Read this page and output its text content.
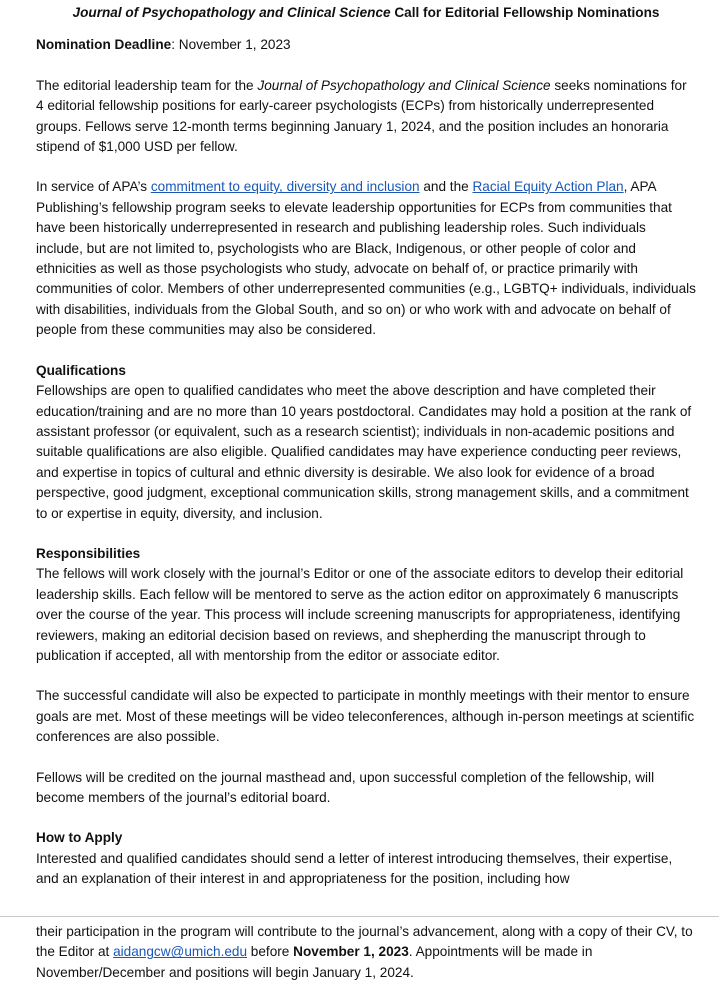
Journal of Psychopathology and Clinical Science Call for Editorial Fellowship Nominations

Nomination Deadline: November 1, 2023

The editorial leadership team for the Journal of Psychopathology and Clinical Science seeks nominations for 4 editorial fellowship positions for early-career psychologists (ECPs) from historically underrepresented groups. Fellows serve 12-month terms beginning January 1, 2024, and the position includes an honoraria stipend of $1,000 USD per fellow.

In service of APA’s commitment to equity, diversity and inclusion and the Racial Equity Action Plan, APA Publishing’s fellowship program seeks to elevate leadership opportunities for ECPs from communities that have been historically underrepresented in research and publishing leadership roles. Such individuals include, but are not limited to, psychologists who are Black, Indigenous, or other people of color and ethnicities as well as those psychologists who study, advocate on behalf of, or practice primarily with communities of color. Members of other underrepresented communities (e.g., LGBTQ+ individuals, individuals with disabilities, individuals from the Global South, and so on) or who work with and advocate on behalf of people from these communities may also be considered.

Qualifications

Fellowships are open to qualified candidates who meet the above description and have completed their education/training and are no more than 10 years postdoctoral. Candidates may hold a position at the rank of assistant professor (or equivalent, such as a research scientist); individuals in non-academic positions and suitable qualifications are also eligible. Qualified candidates may have experience conducting peer reviews, and expertise in topics of cultural and ethnic diversity is desirable. We also look for evidence of a broad perspective, good judgment, exceptional communication skills, strong management skills, and a commitment to or expertise in equity, diversity, and inclusion.

Responsibilities

The fellows will work closely with the journal’s Editor or one of the associate editors to develop their editorial leadership skills. Each fellow will be mentored to serve as the action editor on approximately 6 manuscripts over the course of the year. This process will include screening manuscripts for appropriateness, identifying reviewers, making an editorial decision based on reviews, and shepherding the manuscript through to publication if accepted, all with mentorship from the editor or associate editor.

The successful candidate will also be expected to participate in monthly meetings with their mentor to ensure goals are met. Most of these meetings will be video teleconferences, although in-person meetings at scientific conferences are also possible.

Fellows will be credited on the journal masthead and, upon successful completion of the fellowship, will become members of the journal’s editorial board.

How to Apply

Interested and qualified candidates should send a letter of interest introducing themselves, their expertise, and an explanation of their interest in and appropriateness for the position, including how

their participation in the program will contribute to the journal’s advancement, along with a copy of their CV, to the Editor at aidangcw@umich.edu before November 1, 2023. Appointments will be made in November/December and positions will begin January 1, 2024.
